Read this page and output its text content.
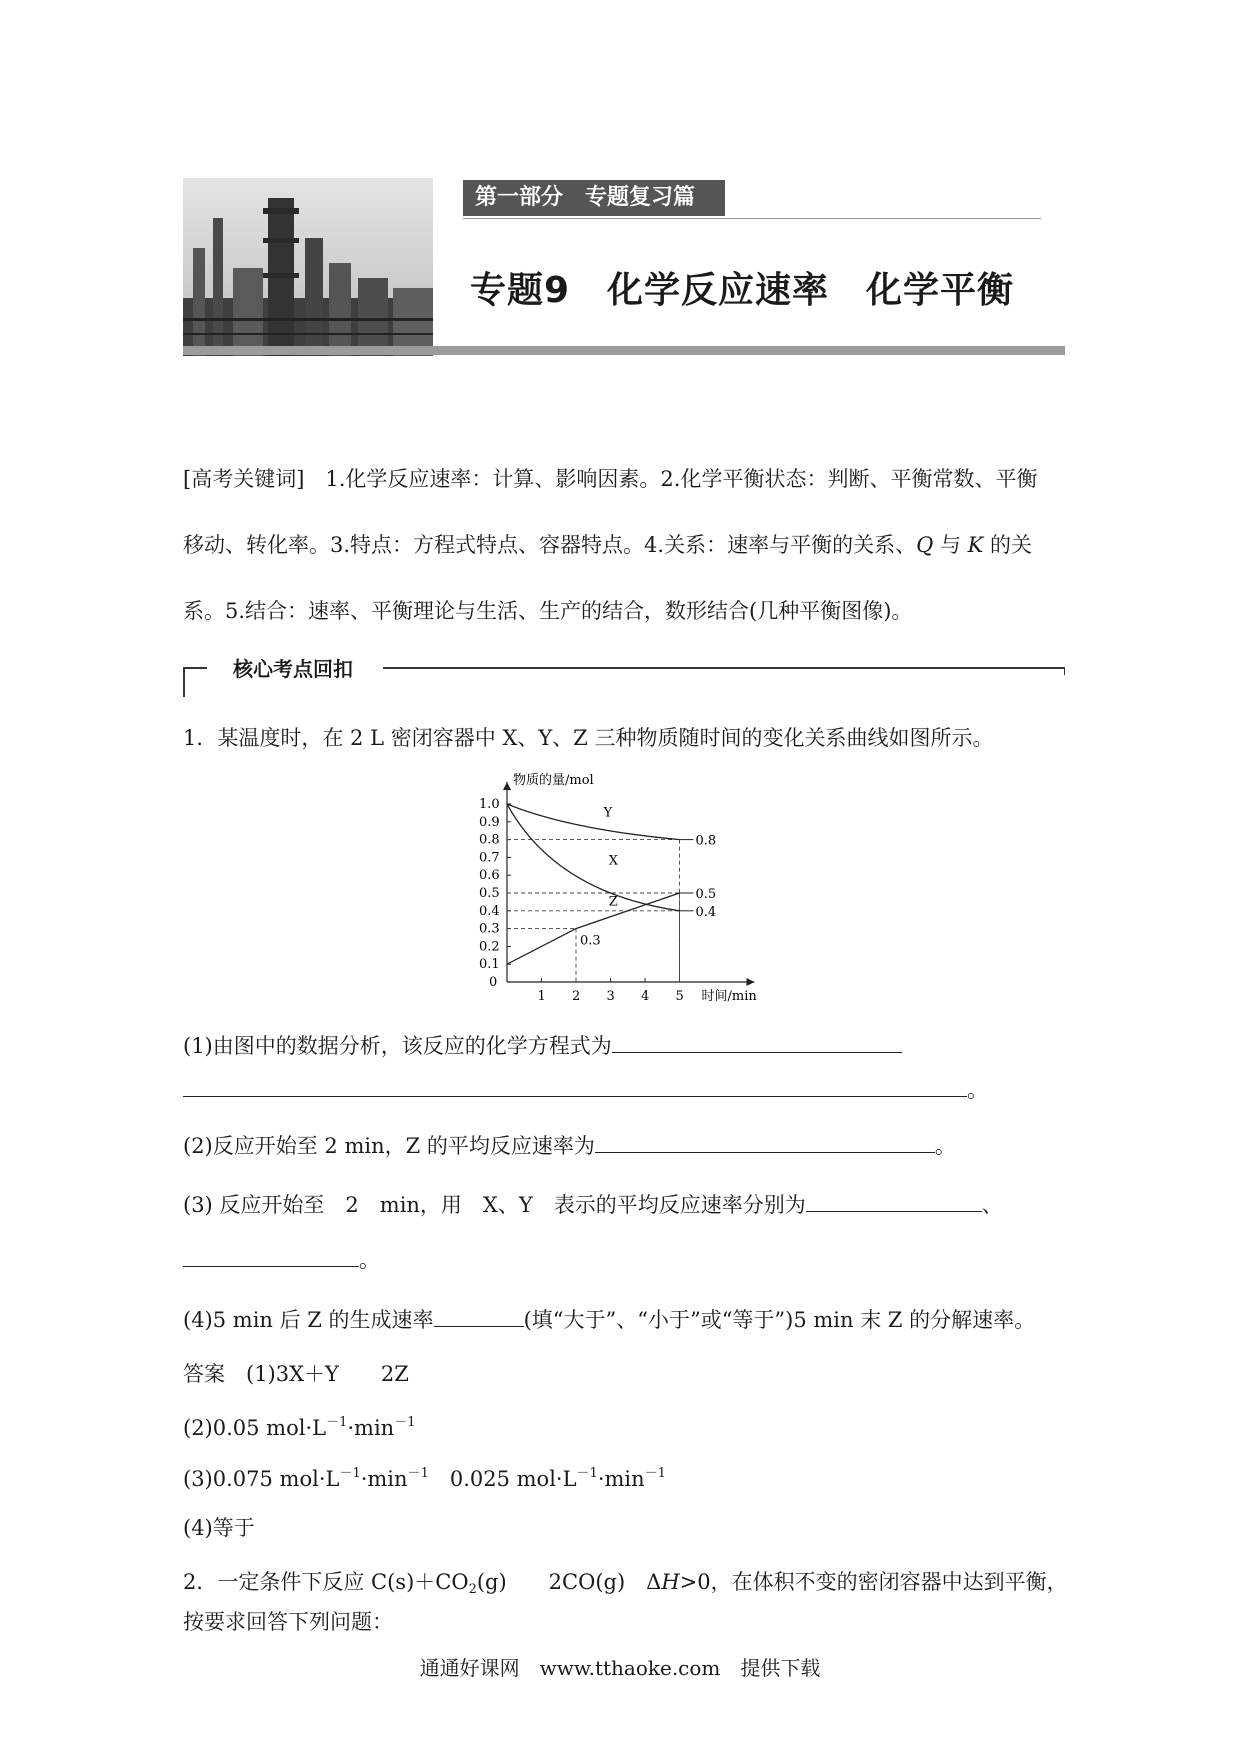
第一部分　专题复习篇
专题9　化学反应速率　化学平衡
[高考关键词]　1.化学反应速率：计算、影响因素。2.化学平衡状态：判断、平衡常数、平衡
移动、转化率。3.特点：方程式特点、容器特点。4.关系：速率与平衡的关系、Q 与 K 的关
系。5.结合：速率、平衡理论与生活、生产的结合，数形结合(几种平衡图像)。
核心考点回扣
1．某温度时，在 2 L 密闭容器中 X、Y、Z 三种物质随时间的变化关系曲线如图所示。
物质的量/mol
时间/min
0
1 2 3 4 5
1.0
0.9
0.8
0.7
0.6
0.5
0.4
0.3
0.2
0.1
Y
X
Z
0.8
0.5
0.4
0.3
(1)由图中的数据分析，该反应的化学方程式为
。
(2)反应开始至 2 min，Z 的平均反应速率为	。
(3) 反应开始至　2　min，用　X、Y　表示的平均反应速率分别为	、
。
(4)5 min 后 Z 的生成速率	(填“大于”、“小于”或“等于”)5 min 末 Z 的分解速率。
答案　 (1)3X＋Y　　2Z
(2)0.05 $mol\cdot L^{-1}\cdot\min^{-1}$
(3)0.075 $mol\cdot L^{-1}\cdot\min^{-1}$　0.025 $mol\cdot L^{-1}\cdot\min^{-1}$
(4)等于
2．一定条件下反应 $C(s)+CO_2(g)$　　2CO(g)　ΔH>0，在体积不变的密闭容器中达到平衡，
按要求回答下列问题：
通通好课网　www.tthaoke.com　提供下载
